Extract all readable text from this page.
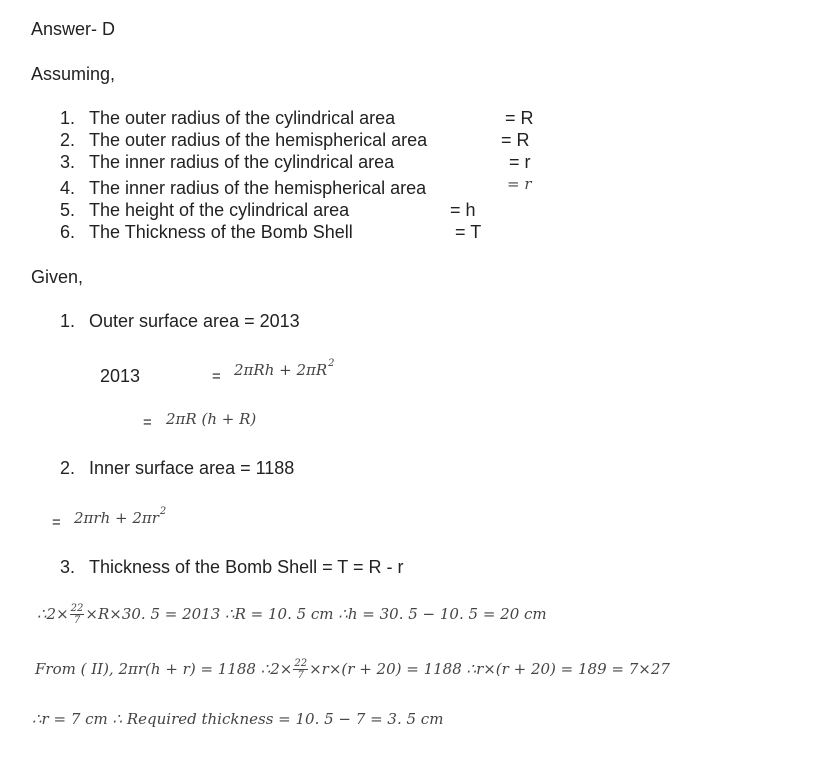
Answer- D
Assuming,
1. The outer radius of the cylindrical area	= R
2. The outer radius of the hemispherical area	= R
3. The inner radius of the cylindrical area	= r
4. The inner radius of the hemispherical area	= r
5. The height of the cylindrical area	= h
6. The Thickness of the Bomb Shell	= T
Given,
1. Outer surface area = 2013
2013	= $2\pi Rh + 2\pi R^2$
= 2πR (h + R)
2. Inner surface area = 1188
= $2\pi rh + 2\pi r^2$
3. Thickness of the Bomb Shell = T = R - r
∴2× $\frac{22}{7} \times R\times 30$. 5 = 2013 ∴R = 10. 5 cm ∴h = 30. 5 − 10. 5 = 20 cm
From ( II), 2πr(h + r) = 1188 ∴2× $\frac{22}{7} \times r\times(r + 20) = 1188$ ∴r×(r + 20) = 189 = 7×27
∴r = 7 cm ∴ Required thickness = 10. 5 − 7 = 3. 5 cm
